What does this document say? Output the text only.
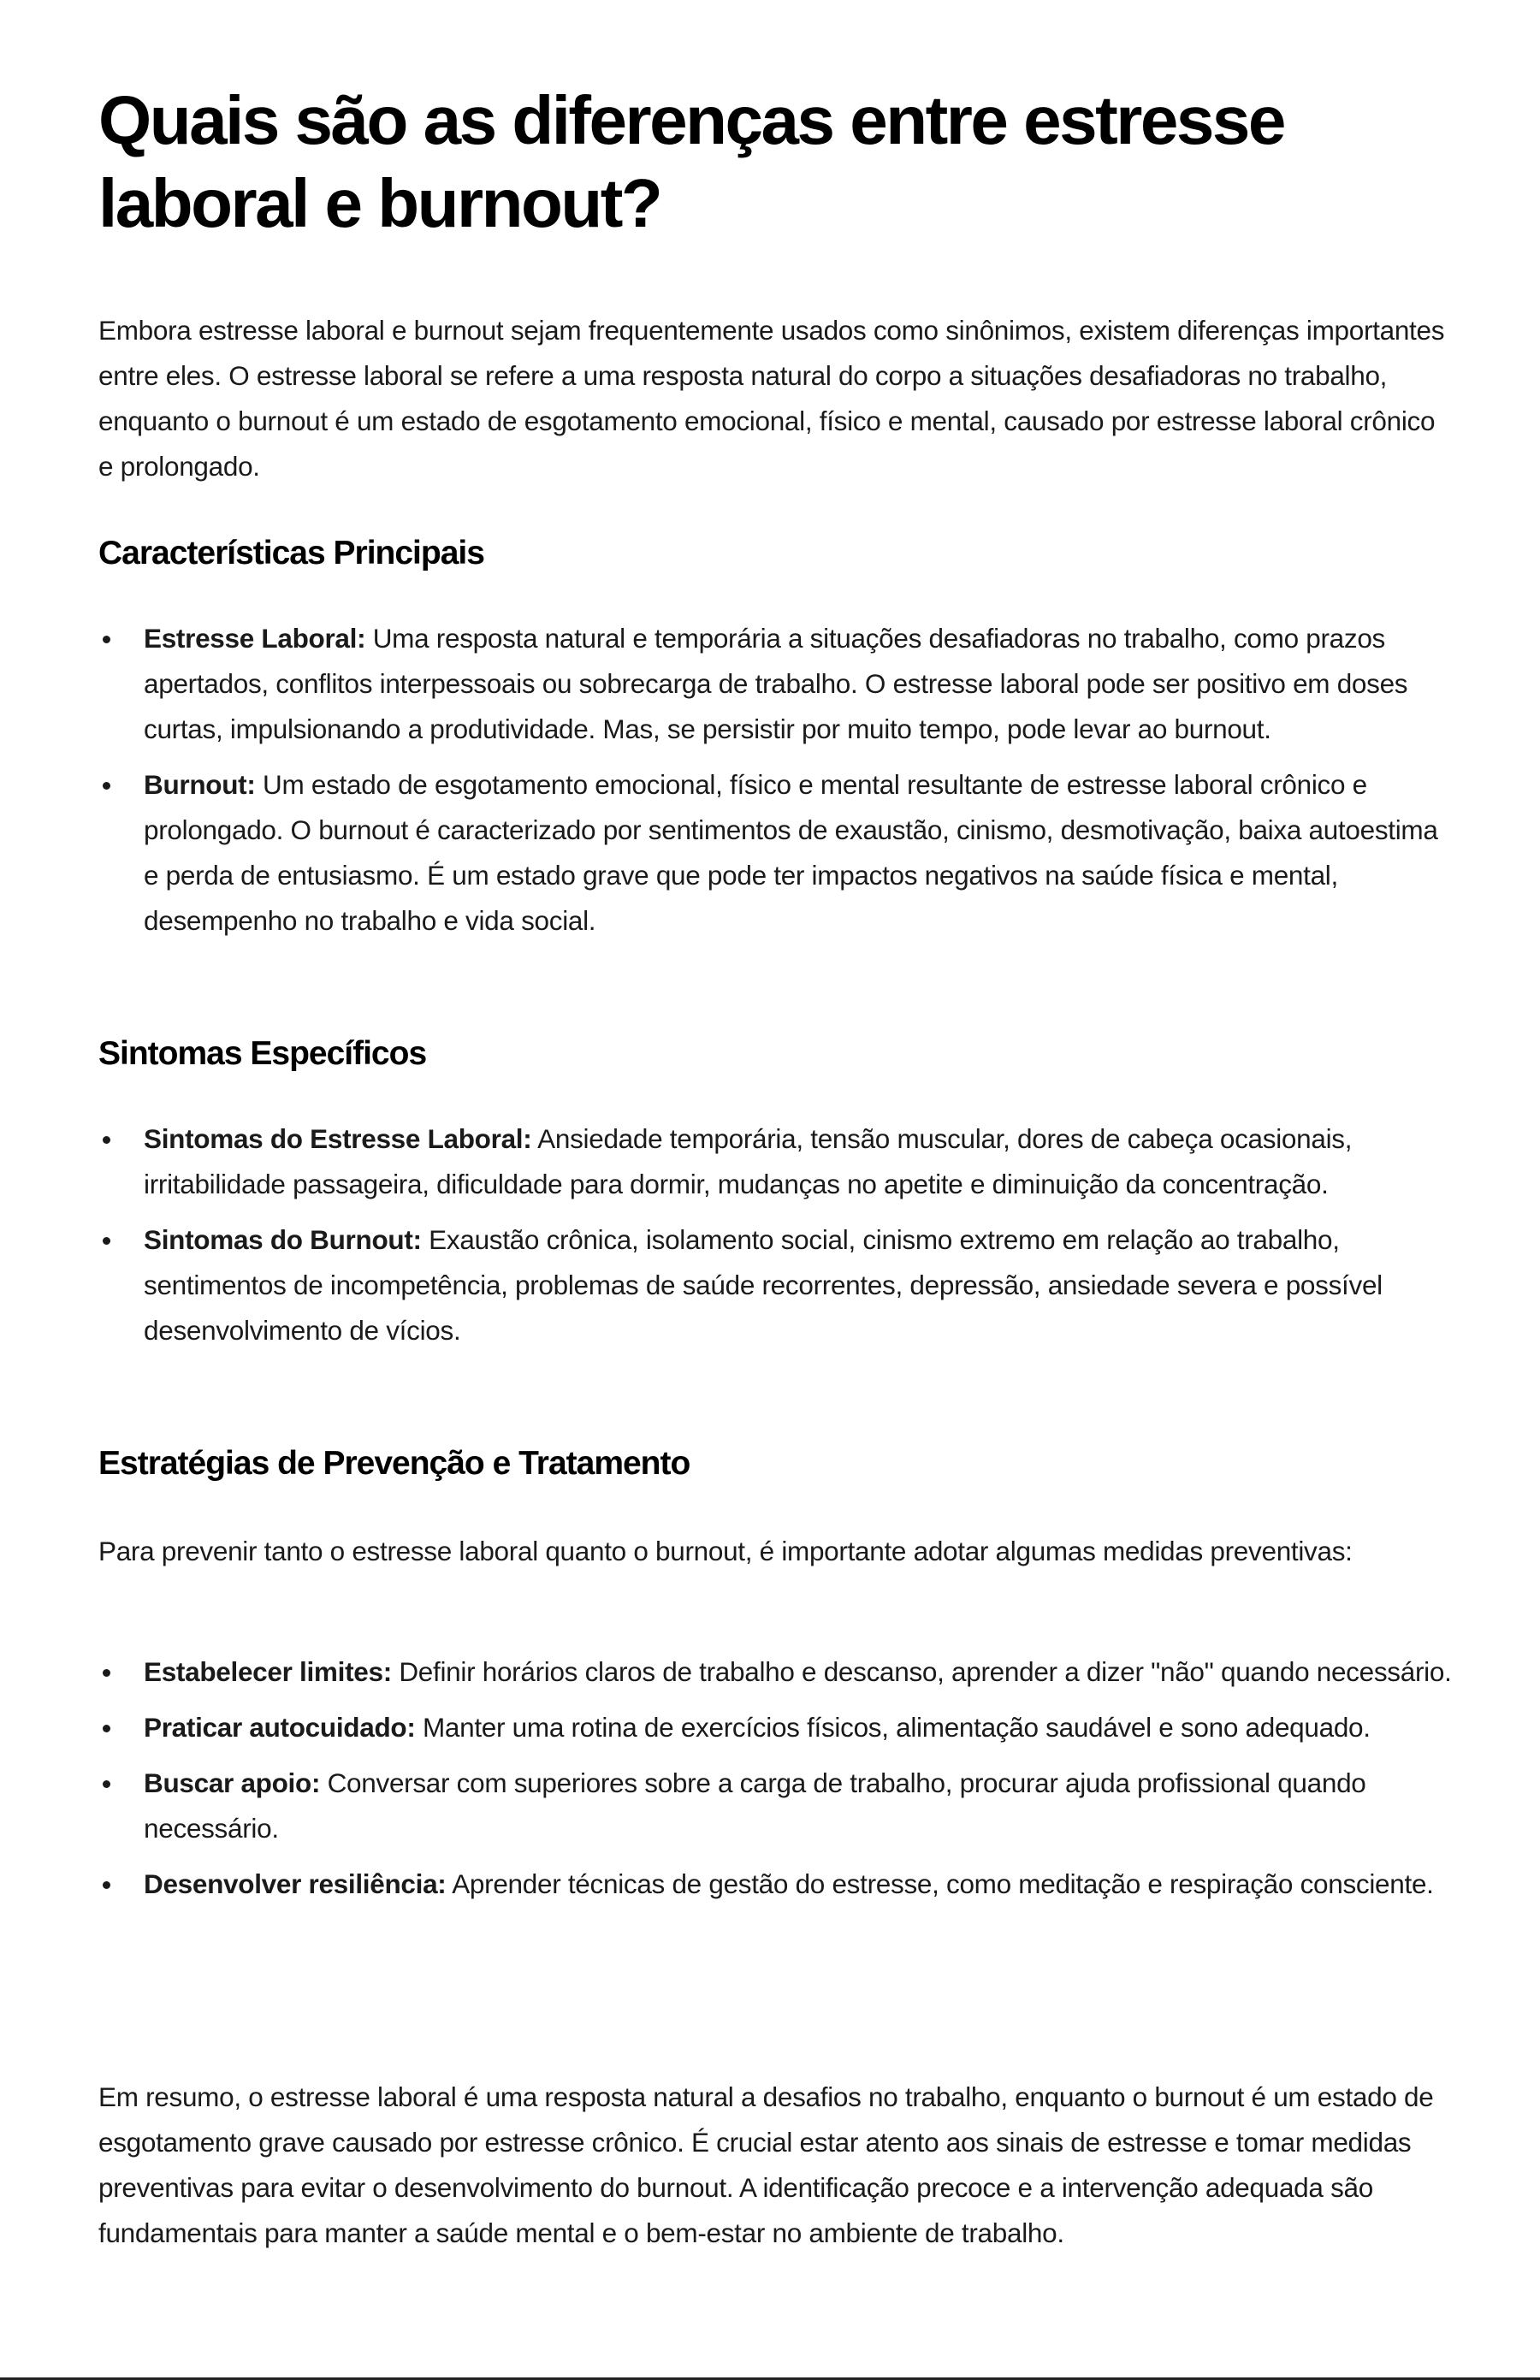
Quais são as diferenças entre estresse laboral e burnout?

Embora estresse laboral e burnout sejam frequentemente usados como sinônimos, existem diferenças importantes entre eles. O estresse laboral se refere a uma resposta natural do corpo a situações desafiadoras no trabalho, enquanto o burnout é um estado de esgotamento emocional, físico e mental, causado por estresse laboral crônico e prolongado.

Características Principais
Estresse Laboral: Uma resposta natural e temporária a situações desafiadoras no trabalho, como prazos apertados, conflitos interpessoais ou sobrecarga de trabalho. O estresse laboral pode ser positivo em doses curtas, impulsionando a produtividade. Mas, se persistir por muito tempo, pode levar ao burnout.
Burnout: Um estado de esgotamento emocional, físico e mental resultante de estresse laboral crônico e prolongado. O burnout é caracterizado por sentimentos de exaustão, cinismo, desmotivação, baixa autoestima e perda de entusiasmo. É um estado grave que pode ter impactos negativos na saúde física e mental, desempenho no trabalho e vida social.
Sintomas Específicos
Sintomas do Estresse Laboral: Ansiedade temporária, tensão muscular, dores de cabeça ocasionais, irritabilidade passageira, dificuldade para dormir, mudanças no apetite e diminuição da concentração.
Sintomas do Burnout: Exaustão crônica, isolamento social, cinismo extremo em relação ao trabalho, sentimentos de incompetência, problemas de saúde recorrentes, depressão, ansiedade severa e possível desenvolvimento de vícios.
Estratégias de Prevenção e Tratamento

Para prevenir tanto o estresse laboral quanto o burnout, é importante adotar algumas medidas preventivas:

Estabelecer limites: Definir horários claros de trabalho e descanso, aprender a dizer "não" quando necessário.
Praticar autocuidado: Manter uma rotina de exercícios físicos, alimentação saudável e sono adequado.
Buscar apoio: Conversar com superiores sobre a carga de trabalho, procurar ajuda profissional quando necessário.
Desenvolver resiliência: Aprender técnicas de gestão do estresse, como meditação e respiração consciente.

Em resumo, o estresse laboral é uma resposta natural a desafios no trabalho, enquanto o burnout é um estado de esgotamento grave causado por estresse crônico. É crucial estar atento aos sinais de estresse e tomar medidas preventivas para evitar o desenvolvimento do burnout. A identificação precoce e a intervenção adequada são fundamentais para manter a saúde mental e o bem-estar no ambiente de trabalho.
